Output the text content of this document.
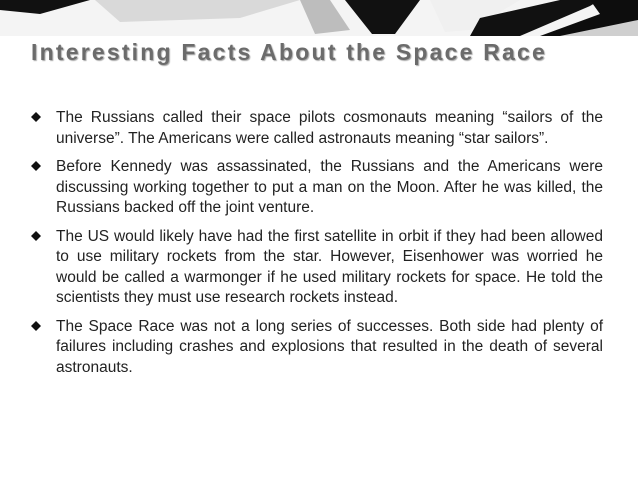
Interesting Facts About the Space Race
The Russians called their space pilots cosmonauts meaning “sailors of the universe”. The Americans were called astronauts meaning “star sailors”.
Before Kennedy was assassinated, the Russians and the Americans were discussing working together to put a man on the Moon. After he was killed, the Russians backed off the joint venture.
The US would likely have had the first satellite in orbit if they had been allowed to use military rockets from the star. However, Eisenhower was worried he would be called a warmonger if he used military rockets for space. He told the scientists they must use research rockets instead.
The Space Race was not a long series of successes. Both side had plenty of failures including crashes and explosions that resulted in the death of several astronauts.
